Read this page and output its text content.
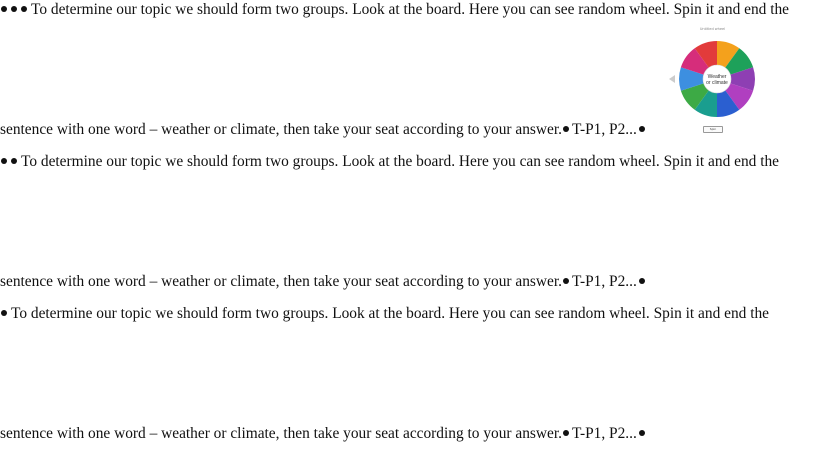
To determine our topic we should form two groups. Look at the board. Here you can see random wheel. Spin it and end the

Untitled wheel
Weather
or climate
Spin

sentence with one word – weather or climate, then take your seat according to your answer. T-P1, P2...

To determine our topic we should form two groups. Look at the board. Here you can see random wheel. Spin it and end the

sentence with one word – weather or climate, then take your seat according to your answer. T-P1, P2...

To determine our topic we should form two groups. Look at the board. Here you can see random wheel. Spin it and end the

sentence with one word – weather or climate, then take your seat according to your answer. T-P1, P2...
